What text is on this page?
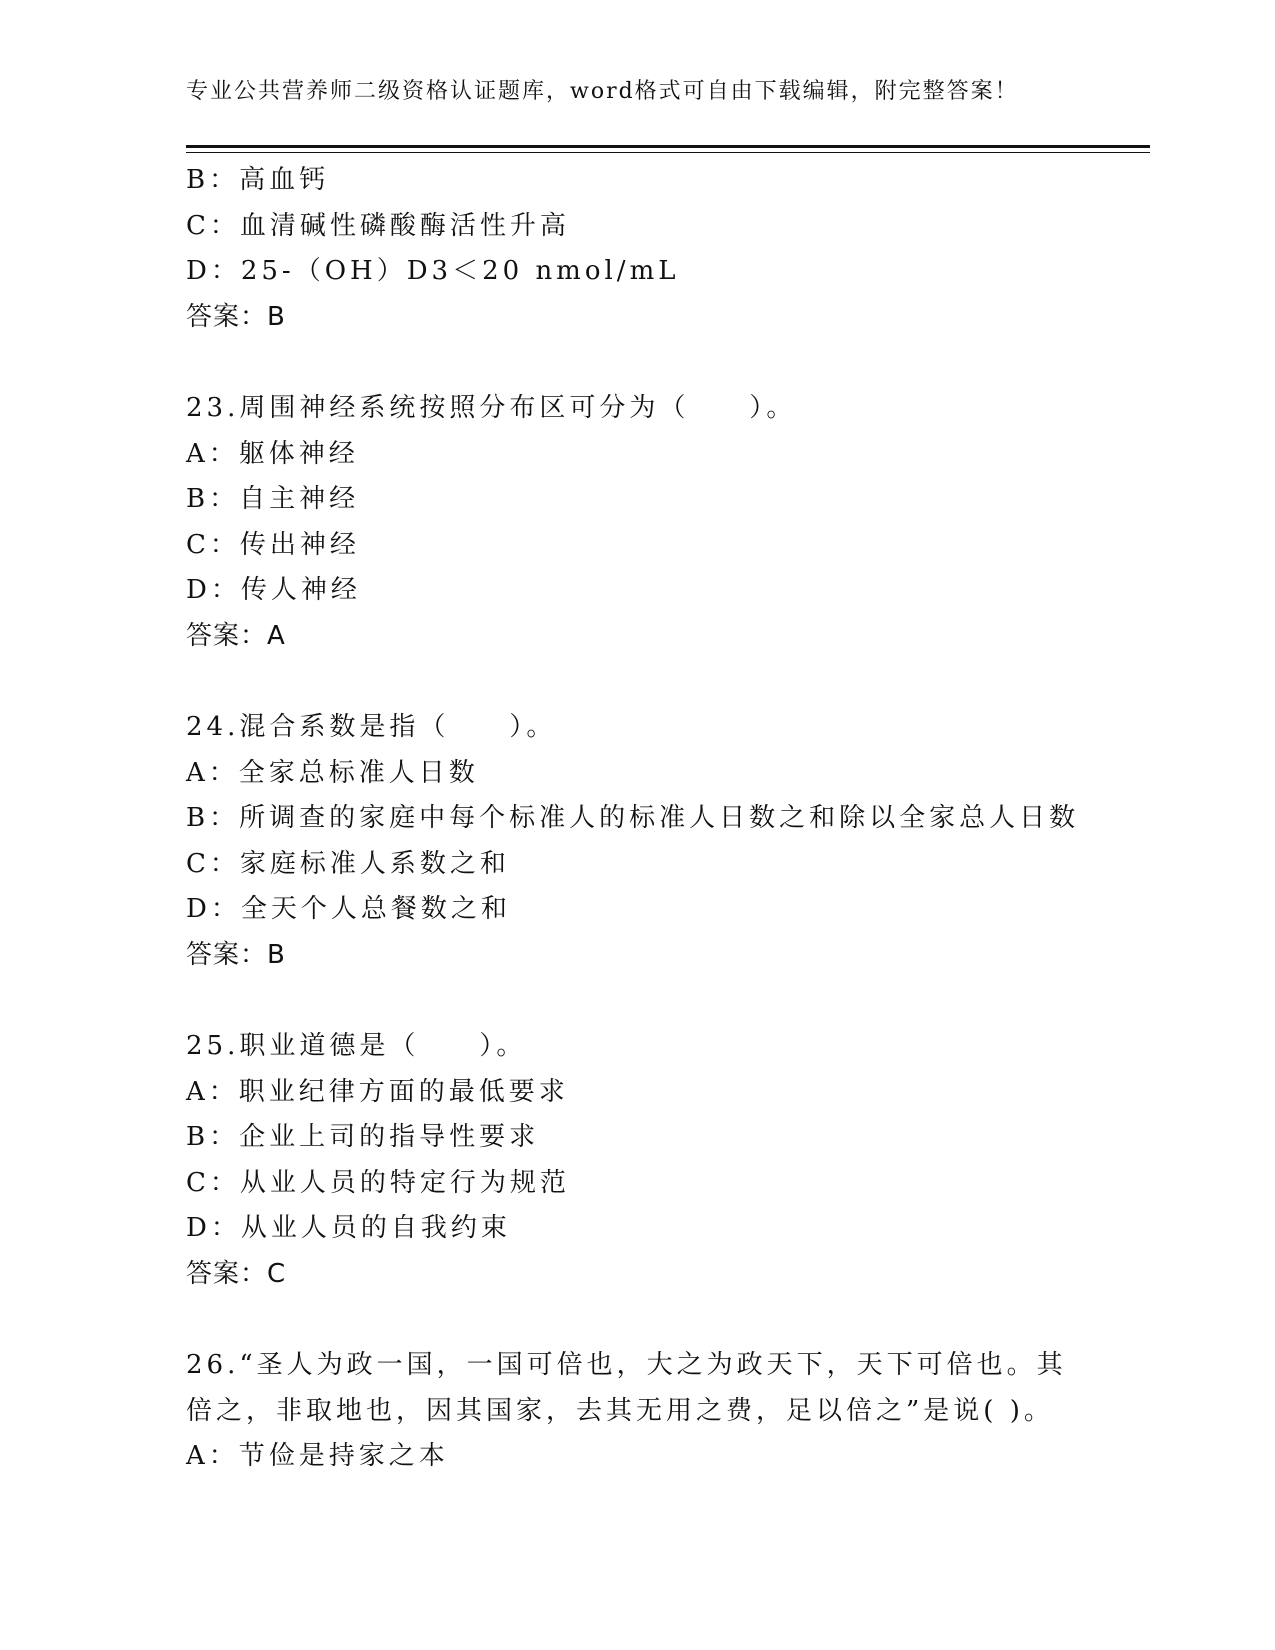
专业公共营养师二级资格认证题库，word格式可自由下载编辑，附完整答案！
B：高血钙
C：血清碱性磷酸酶活性升高
D：25-（OH）D3＜20 nmol/mL
答案：B
23.周围神经系统按照分布区可分为（　　）。
A：躯体神经
B：自主神经
C：传出神经
D：传人神经
答案：A
24.混合系数是指（　　）。
A：全家总标准人日数
B：所调查的家庭中每个标准人的标准人日数之和除以全家总人日数
C：家庭标准人系数之和
D：全天个人总餐数之和
答案：B
25.职业道德是（　　）。
A：职业纪律方面的最低要求
B：企业上司的指导性要求
C：从业人员的特定行为规范
D：从业人员的自我约束
答案：C
26.“圣人为政一国，一国可倍也，大之为政天下，天下可倍也。其倍之，非取地也，因其国家，去其无用之费，足以倍之”是说( )。
A：节俭是持家之本
